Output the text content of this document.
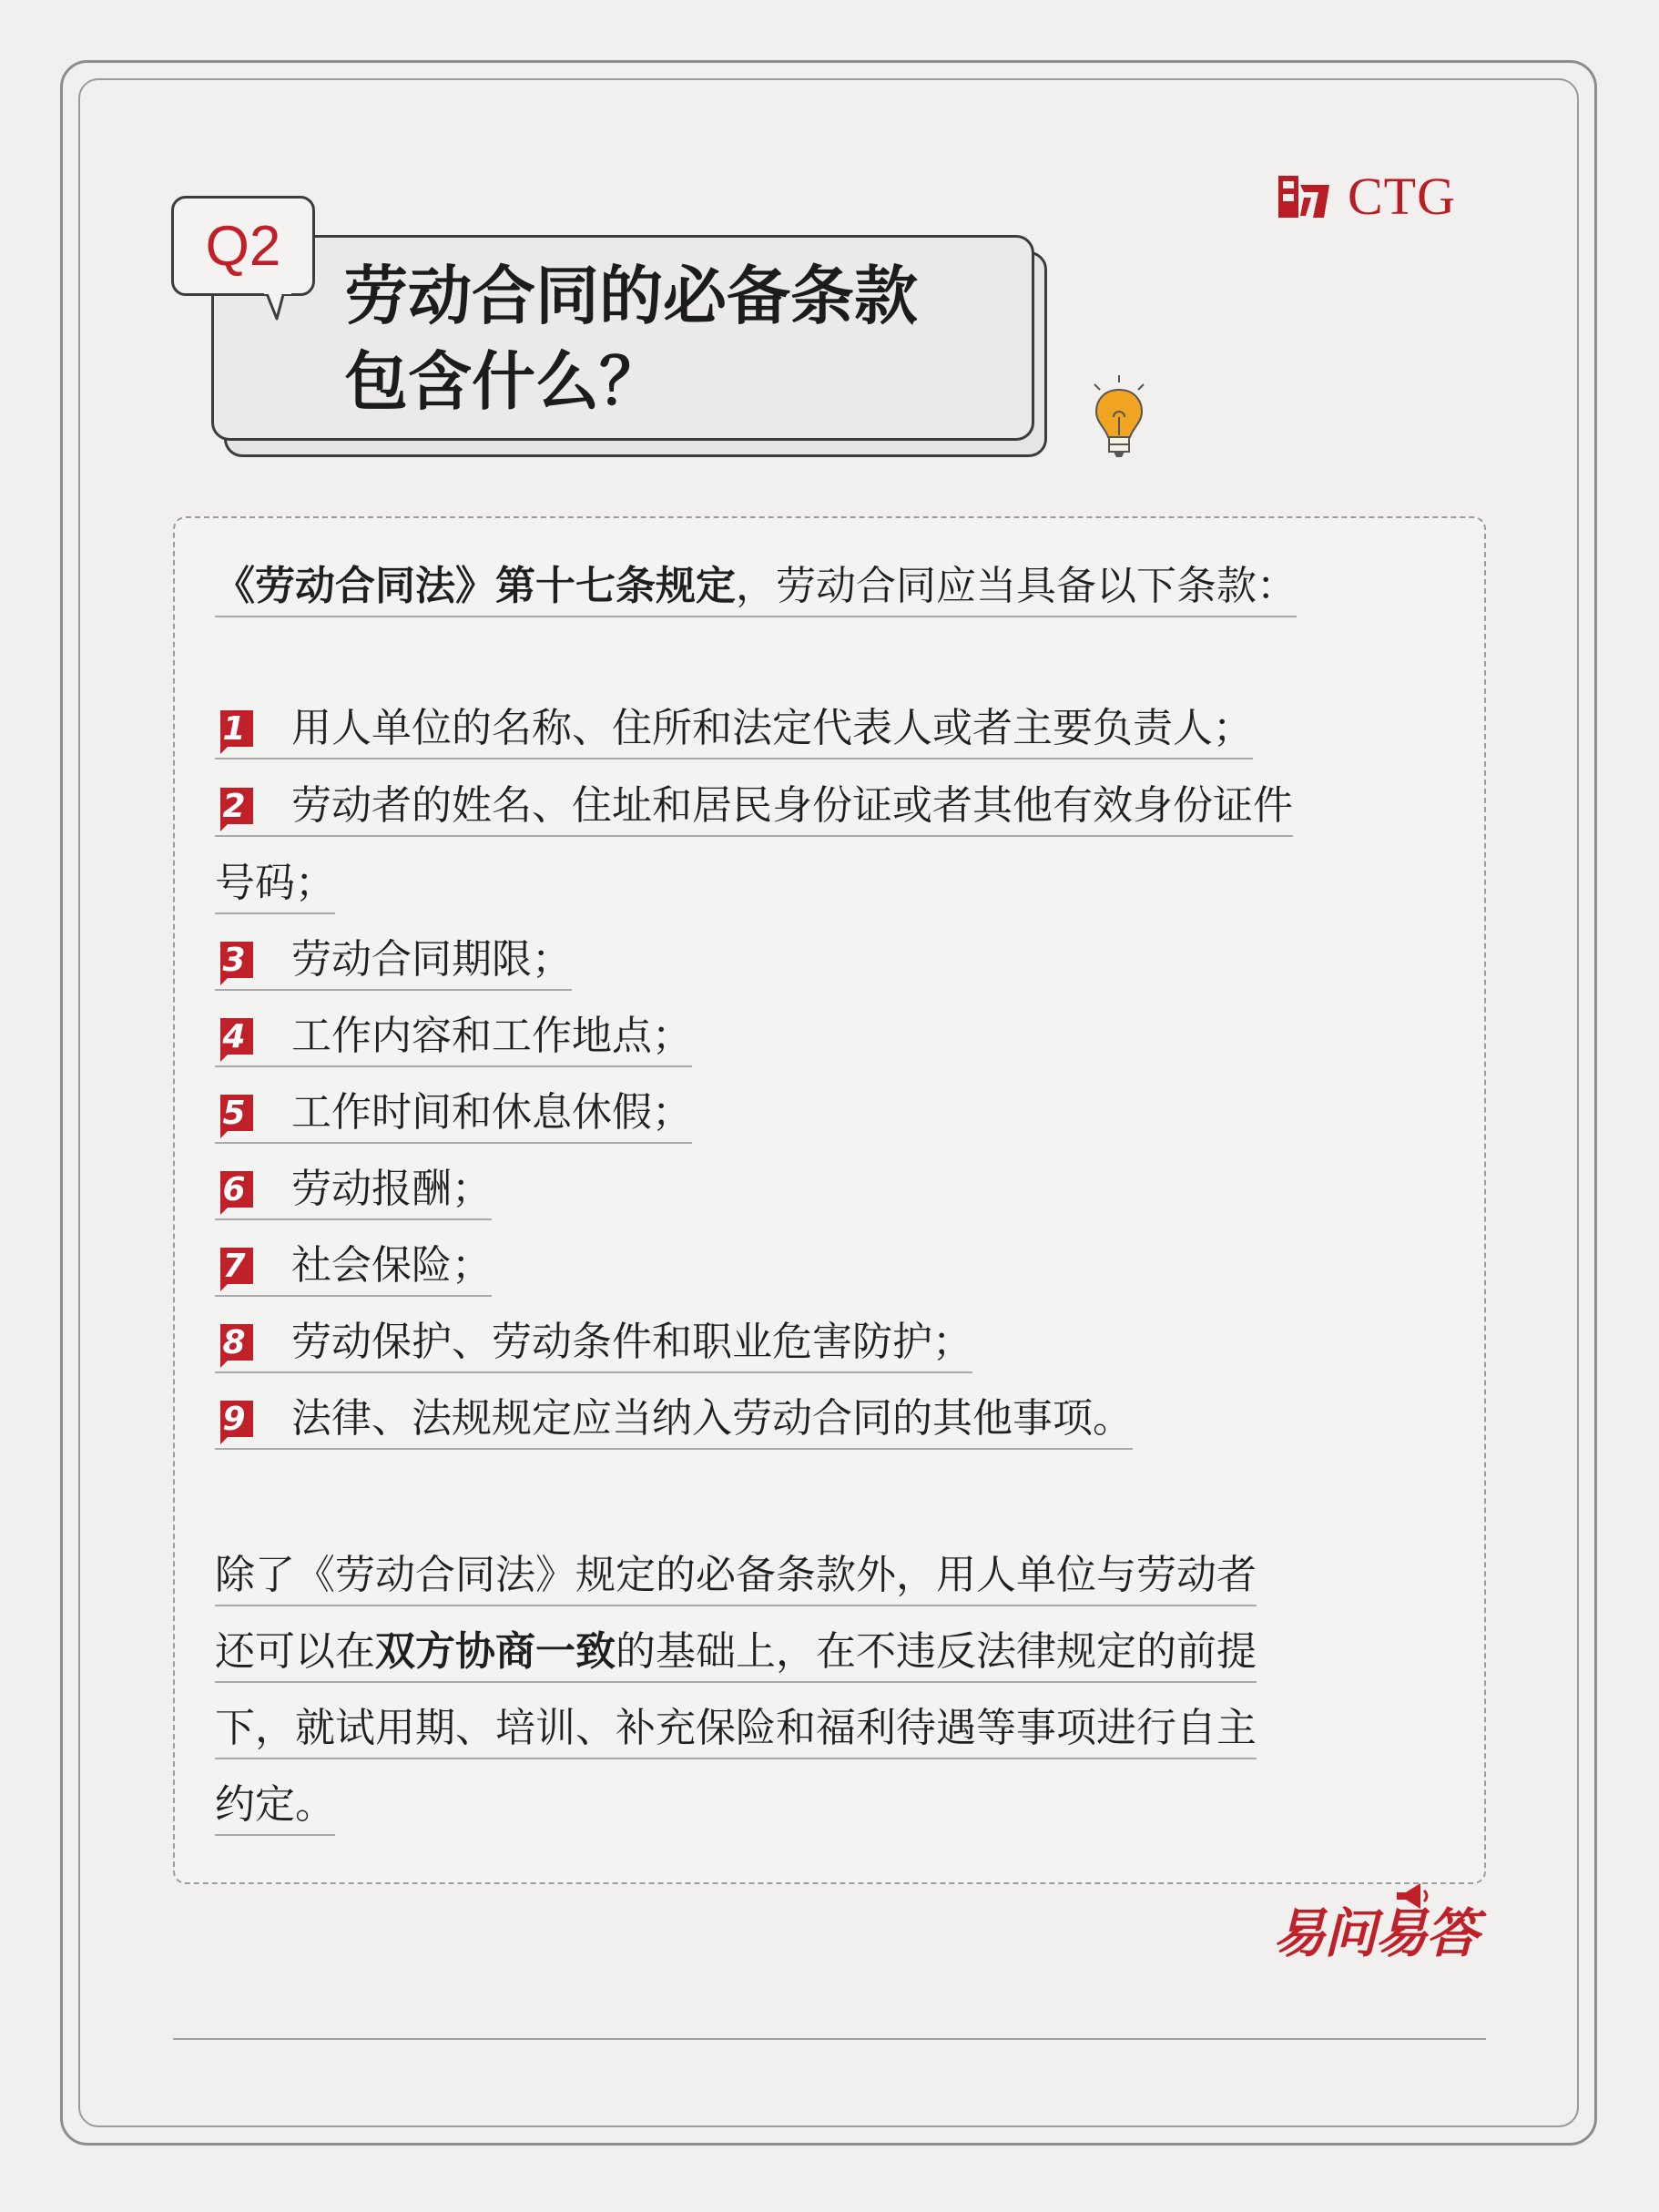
CTG
劳动合同的必备条款
包含什么？
Q2
《劳动合同法》第十七条规定，劳动合同应当具备以下条款：
1	用人单位的名称、住所和法定代表人或者主要负责人；
2	劳动者的姓名、住址和居民身份证或者其他有效身份证件
号码；
3	劳动合同期限；
4	工作内容和工作地点；
5	工作时间和休息休假；
6	劳动报酬；
7	社会保险；
8	劳动保护、劳动条件和职业危害防护；
9	法律、法规规定应当纳入劳动合同的其他事项。
除了《劳动合同法》规定的必备条款外，用人单位与劳动者
还可以在双方协商一致的基础上，在不违反法律规定的前提
下，就试用期、培训、补充保险和福利待遇等事项进行自主
约定。
易问易答
